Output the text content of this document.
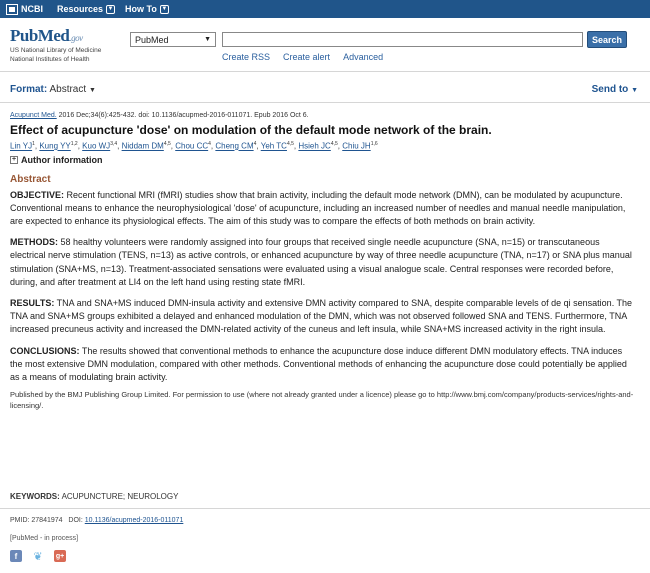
NCBI Resources ▼ How To ▼
PubMed.gov
US National Library of Medicine
National Institutes of Health
PubMed	▼	Search
Create RSS Create alert Advanced
Format: Abstract ▼	Send to ▼
Acupunct Med. 2016 Dec;34(6):425-432. doi: 10.1136/acupmed-2016-011071. Epub 2016 Oct 6.
Effect of acupuncture 'dose' on modulation of the default mode network of the brain.
Lin $YJ^1$, Kung YY$^{1,2}$, Kuo WJ$^{3,4}$, Niddam DM$^{4,5}$, Chou $CC^4$, Cheng $CM^4$, Yeh TC$^{4,5}$, Hsieh JC$^{4,5}$, Chiu JH$^{1,6}$
+ Author information
Abstract
OBJECTIVE: Recent functional MRI (fMRI) studies show that brain activity, including the default mode network (DMN), can be modulated by acupuncture. Conventional means to enhance the neurophysiological 'dose' of acupuncture, including an increased number of needles and manual needle manipulation, are expected to enhance its physiological effects. The aim of this study was to compare the effects of both methods on brain activity.
METHODS: 58 healthy volunteers were randomly assigned into four groups that received single needle acupuncture (SNA, n=15) or transcutaneous electrical nerve stimulation (TENS, n=13) as active controls, or enhanced acupuncture by way of three needle acupuncture (TNA, n=17) or SNA plus manual stimulation (SNA+MS, n=13). Treatment-associated sensations were evaluated using a visual analogue scale. Central responses were recorded before, during, and after treatment at LI4 on the left hand using resting state fMRI.
RESULTS: TNA and SNA+MS induced DMN-insula activity and extensive DMN activity compared to SNA, despite comparable levels of de qi sensation. The TNA and SNA+MS groups exhibited a delayed and enhanced modulation of the DMN, which was not observed followed SNA and TENS. Furthermore, TNA increased precuneus activity and increased the DMN-related activity of the cuneus and left insula, while SNA+MS increased activity in the right insula.
CONCLUSIONS: The results showed that conventional methods to enhance the acupuncture dose induce different DMN modulatory effects. TNA induces the most extensive DMN modulation, compared with other methods. Conventional methods of enhancing the acupuncture dose could potentially be applied as a means of modulating brain activity.
Published by the BMJ Publishing Group Limited. For permission to use (where not already granted under a licence) please go to http://www.bmj.com/company/products-services/rights-and-licensing/.
KEYWORDS: ACUPUNCTURE; NEUROLOGY
PMID: 27841974 DOI: 10.1136/acupmed-2016-011071
[PubMed - in process]
f	❦ g+
